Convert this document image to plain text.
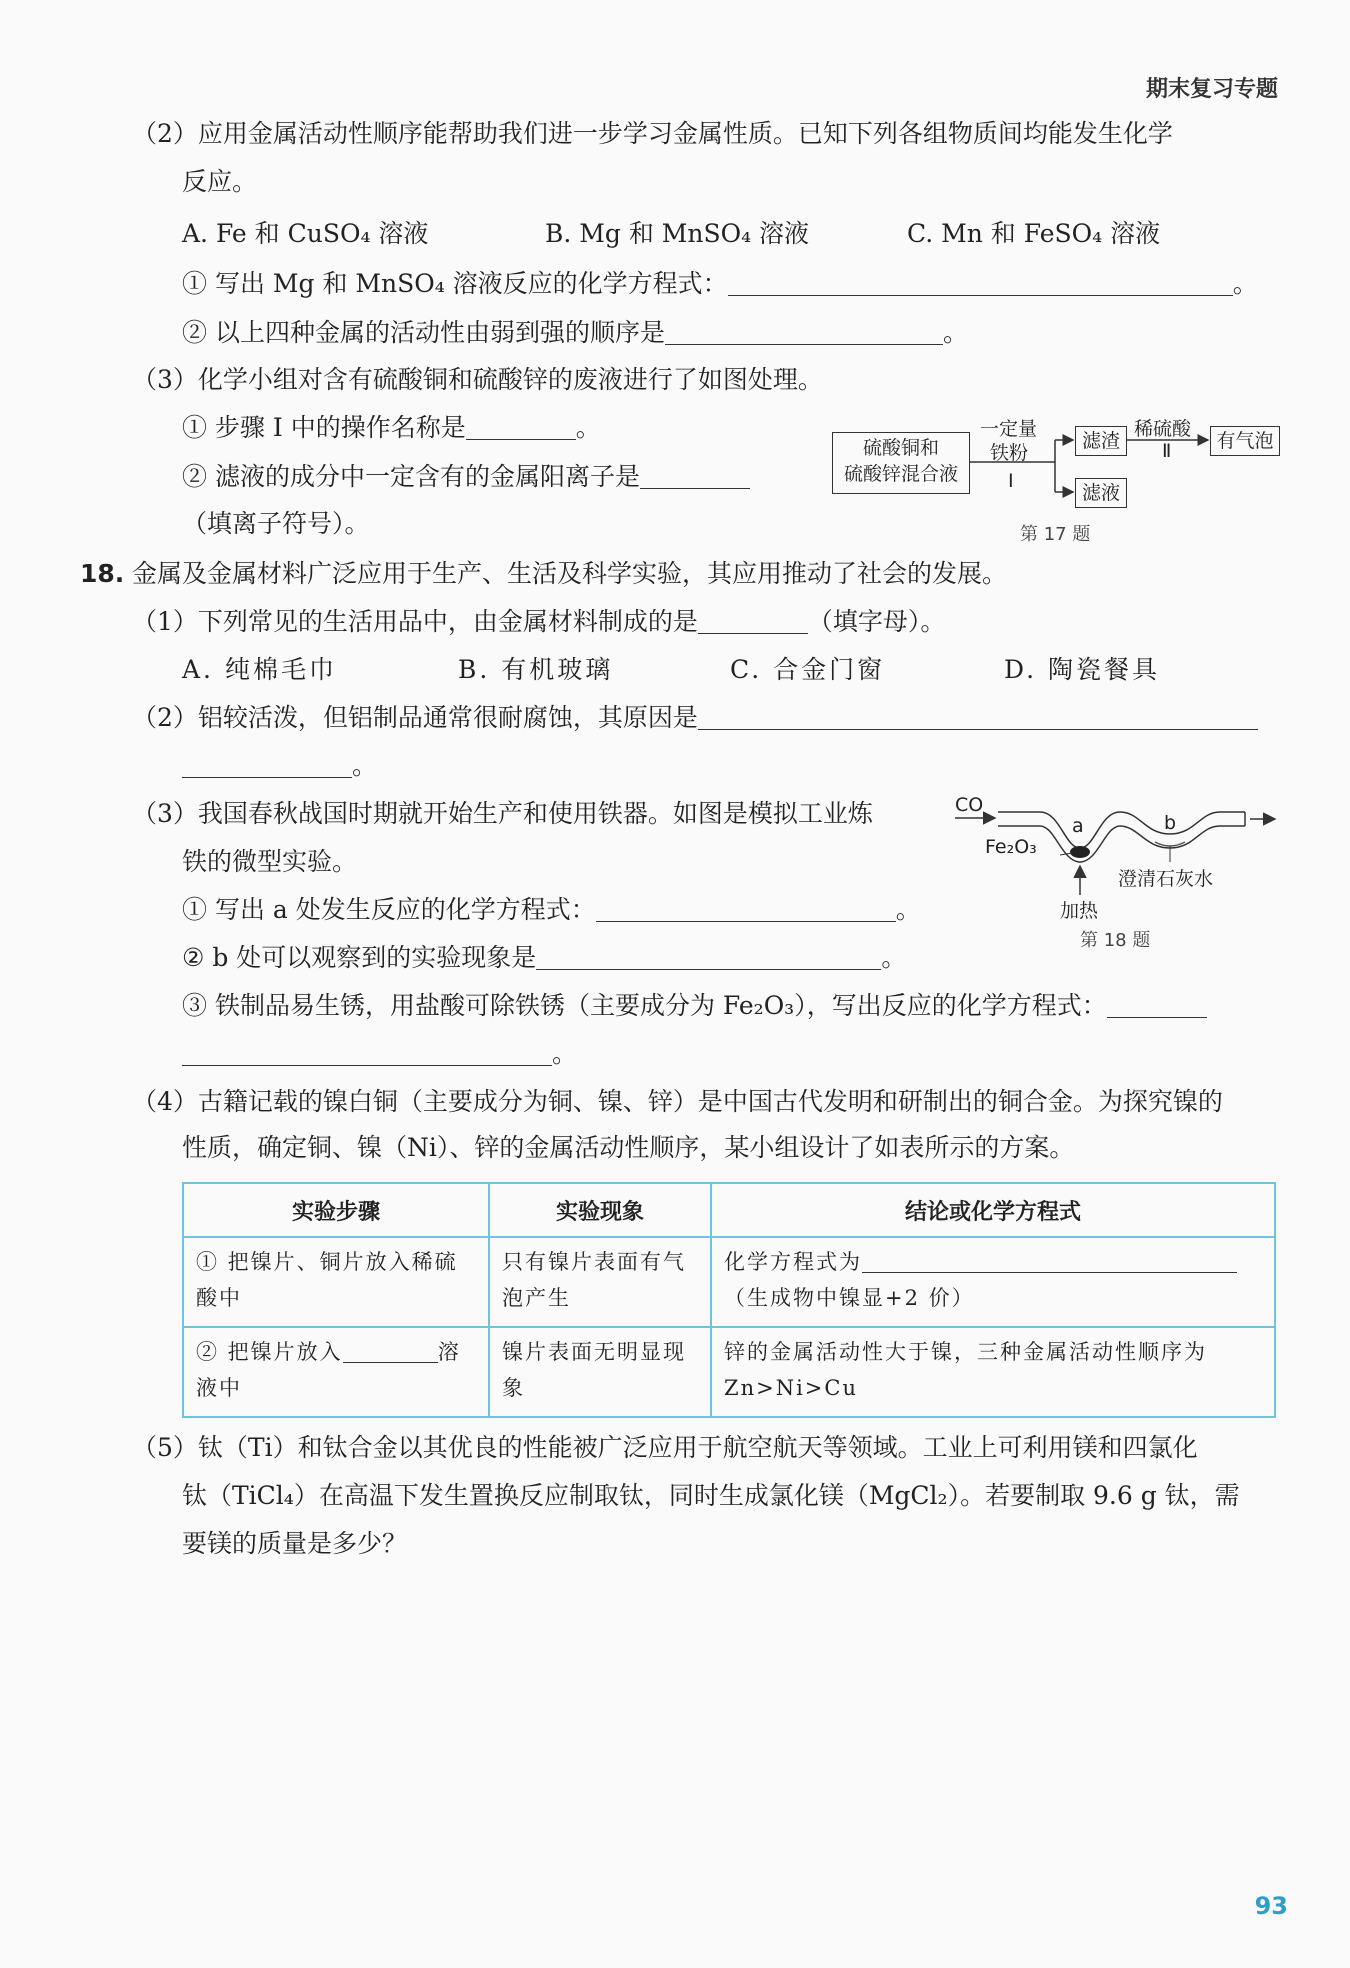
期末复习专题
（2）应用金属活动性顺序能帮助我们进一步学习金属性质。已知下列各组物质间均能发生化学
反应。
A. Fe 和 CuSO₄ 溶液	B. Mg 和 MnSO₄ 溶液	C. Mn 和 FeSO₄ 溶液
① 写出 Mg 和 MnSO₄ 溶液反应的化学方程式：	。
② 以上四种金属的活动性由弱到强的顺序是	。
（3）化学小组对含有硫酸铜和硫酸锌的废液进行了如图处理。
① 步骤 Ⅰ 中的操作名称是	。
② 滤液的成分中一定含有的金属阳离子是
（填离子符号）。
硫酸铜和
硫酸锌混合液
一定量
铁粉
Ⅰ
滤渣
滤液
稀硫酸
Ⅱ	有气泡
第 17 题
18. 金属及金属材料广泛应用于生产、生活及科学实验，其应用推动了社会的发展。
（1）下列常见的生活用品中，由金属材料制成的是	（填字母）。
A. 纯棉毛巾	B. 有机玻璃	C. 合金门窗	D. 陶瓷餐具
（2）铝较活泼，但铝制品通常很耐腐蚀，其原因是
。
（3）我国春秋战国时期就开始生产和使用铁器。如图是模拟工业炼
铁的微型实验。
① 写出 a 处发生反应的化学方程式：	。
② b 处可以观察到的实验现象是	。
③ 铁制品易生锈，用盐酸可除铁锈（主要成分为 Fe₂O₃），写出反应的化学方程式：
。
CO
Fe₂O₃
a	b
澄清石灰水
加热
第 18 题
（4）古籍记载的镍白铜（主要成分为铜、镍、锌）是中国古代发明和研制出的铜合金。为探究镍的
性质，确定铜、镍（Ni）、锌的金属活动性顺序，某小组设计了如表所示的方案。
实验步骤	实验现象	结论或化学方程式
① 把镍片、铜片放入稀硫酸中	只有镍片表面有气泡产生	化学方程式为
（生成物中镍显+2 价）

② 把镍片放入 溶液中	镍片表面无明显现象	锌的金属活动性大于镍，三种金属活动性顺序为 Zn>Ni>Cu
（5）钛（Ti）和钛合金以其优良的性能被广泛应用于航空航天等领域。工业上可利用镁和四氯化
钛（TiCl₄）在高温下发生置换反应制取钛，同时生成氯化镁（MgCl₂）。若要制取 9.6 g 钛，需
要镁的质量是多少？
93
